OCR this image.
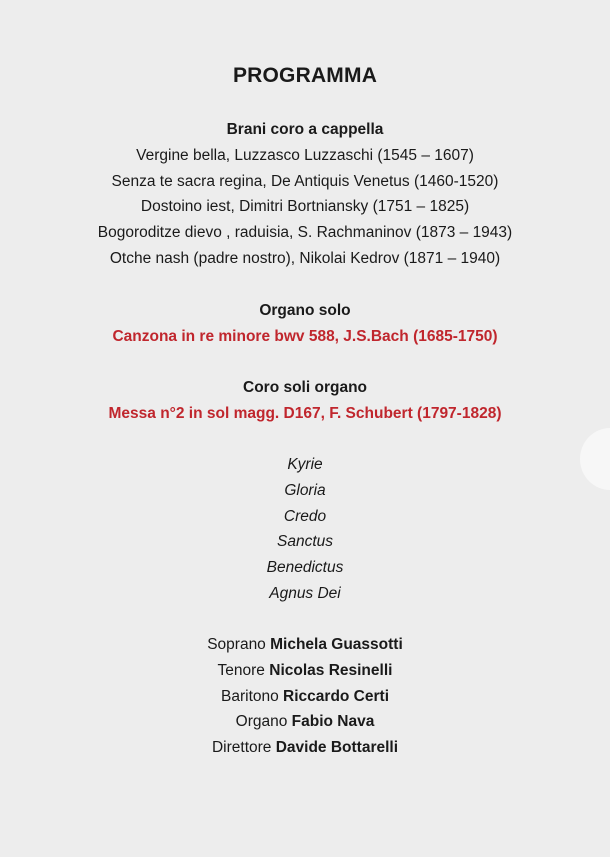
PROGRAMMA
Brani coro a cappella
Vergine bella, Luzzasco Luzzaschi (1545 – 1607)
Senza te sacra regina, De Antiquis Venetus (1460-1520)
Dostoino iest, Dimitri Bortniansky (1751 – 1825)
Bogoroditze dievo , raduisia, S. Rachmaninov (1873 – 1943)
Otche nash (padre nostro), Nikolai Kedrov (1871 – 1940)
Organo solo
Canzona in re minore bwv 588, J.S.Bach (1685-1750)
Coro soli organo
Messa n°2 in sol magg. D167, F. Schubert (1797-1828)
Kyrie
Gloria
Credo
Sanctus
Benedictus
Agnus Dei
Soprano Michela Guassotti
Tenore Nicolas Resinelli
Baritono Riccardo Certi
Organo Fabio Nava
Direttore Davide Bottarelli
